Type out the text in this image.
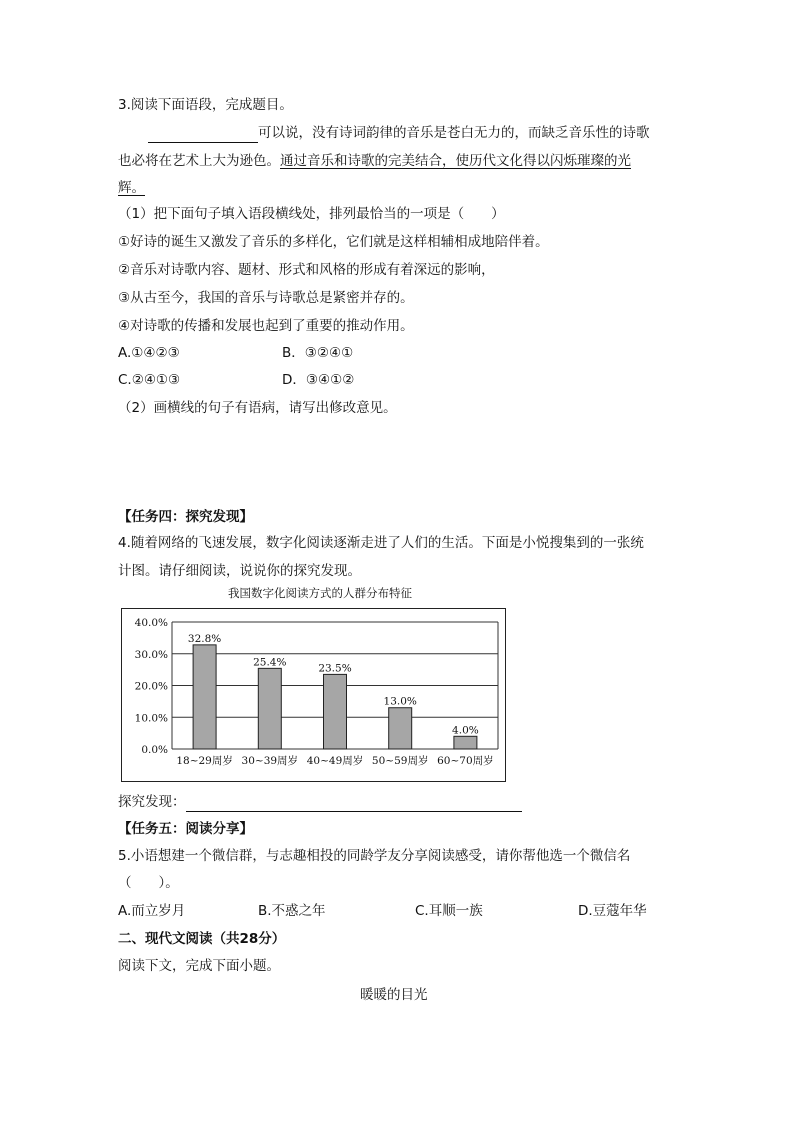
3.阅读下面语段，完成题目。
可以说，没有诗词韵律的音乐是苍白无力的，而缺乏音乐性的诗歌
也必将在艺术上大为逊色。通过音乐和诗歌的完美结合，使历代文化得以闪烁璀璨的光
辉。
（1）把下面句子填入语段横线处，排列最恰当的一项是（　　）
①好诗的诞生又激发了音乐的多样化，它们就是这样相辅相成地陪伴着。
②音乐对诗歌内容、题材、形式和风格的形成有着深远的影响，
③从古至今，我国的音乐与诗歌总是紧密并存的。
④对诗歌的传播和发展也起到了重要的推动作用。
A.①④②③	B．③②④①
C.②④①③	D．③④①②
（2）画横线的句子有语病，请写出修改意见。
【任务四：探究发现】
4.随着网络的飞速发展，数字化阅读逐渐走进了人们的生活。下面是小悦搜集到的一张统
计图。请仔细阅读，说说你的探究发现。
我国数字化阅读方式的人群分布特征
0.0%
10.0%
20.0%
30.0%
40.0%
32.8%
18~29周岁
25.4%
30~39周岁
23.5%
40~49周岁
13.0%
50~59周岁
4.0%
60~70周岁
探究发现：
【任务五：阅读分享】
5.小语想建一个微信群，与志趣相投的同龄学友分享阅读感受，请你帮他选一个微信名
（　　）。
A.而立岁月	B.不惑之年	C.耳顺一族	D.豆蔻年华
二、现代文阅读（共28分）
阅读下文，完成下面小题。
暖暖的目光
